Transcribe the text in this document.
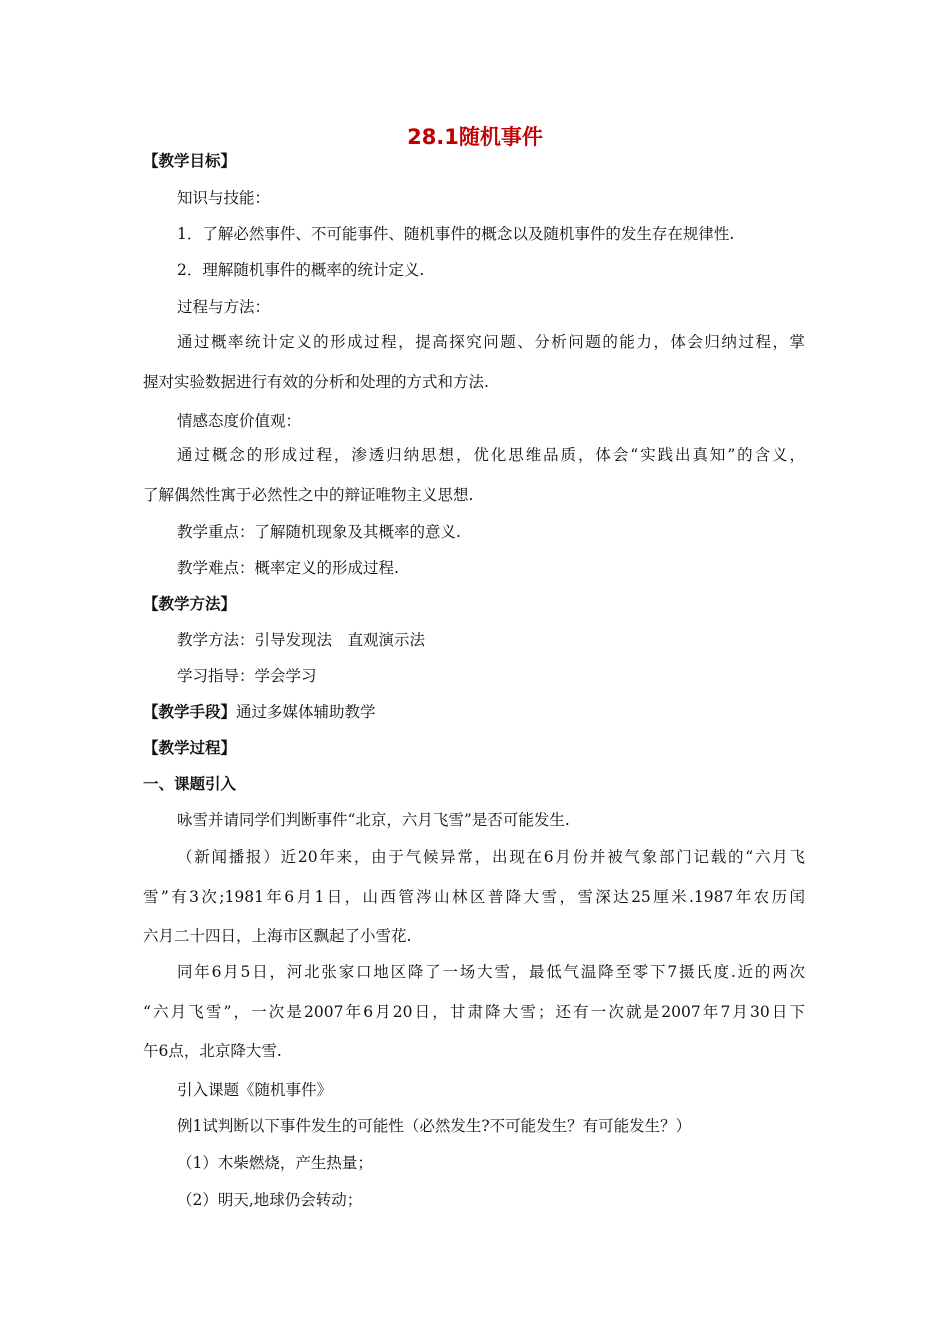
28.1随机事件
【教学目标】
知识与技能：
1．了解必然事件、不可能事件、随机事件的概念以及随机事件的发生存在规律性.
2．理解随机事件的概率的统计定义.
过程与方法：
通过概率统计定义的形成过程，提高探究问题、分析问题的能力，体会归纳过程，掌
握对实验数据进行有效的分析和处理的方式和方法.
情感态度价值观：
通过概念的形成过程，渗透归纳思想，优化思维品质，体会“实践出真知”的含义，
了解偶然性寓于必然性之中的辩证唯物主义思想.
教学重点：了解随机现象及其概率的意义.
教学难点：概率定义的形成过程.
【教学方法】
教学方法：引导发现法　直观演示法
学习指导：学会学习
【教学手段】通过多媒体辅助教学
【教学过程】
一、课题引入
咏雪并请同学们判断事件“北京，六月飞雪”是否可能发生.
（新闻播报）近20年来，由于气候异常，出现在6月份并被气象部门记载的“六月飞
雪”有3次;1981年6月1日，山西管涔山林区普降大雪，雪深达25厘米.1987年农历闰
六月二十四日，上海市区飘起了小雪花.
同年6月5日，河北张家口地区降了一场大雪，最低气温降至零下7摄氏度.近的两次
“六月飞雪”，一次是2007年6月20日，甘肃降大雪；还有一次就是2007年7月30日下
午6点，北京降大雪.
引入课题《随机事件》
例1试判断以下事件发生的可能性（必然发生?不可能发生？有可能发生？）
（1）木柴燃烧，产生热量；
（2）明天,地球仍会转动；
